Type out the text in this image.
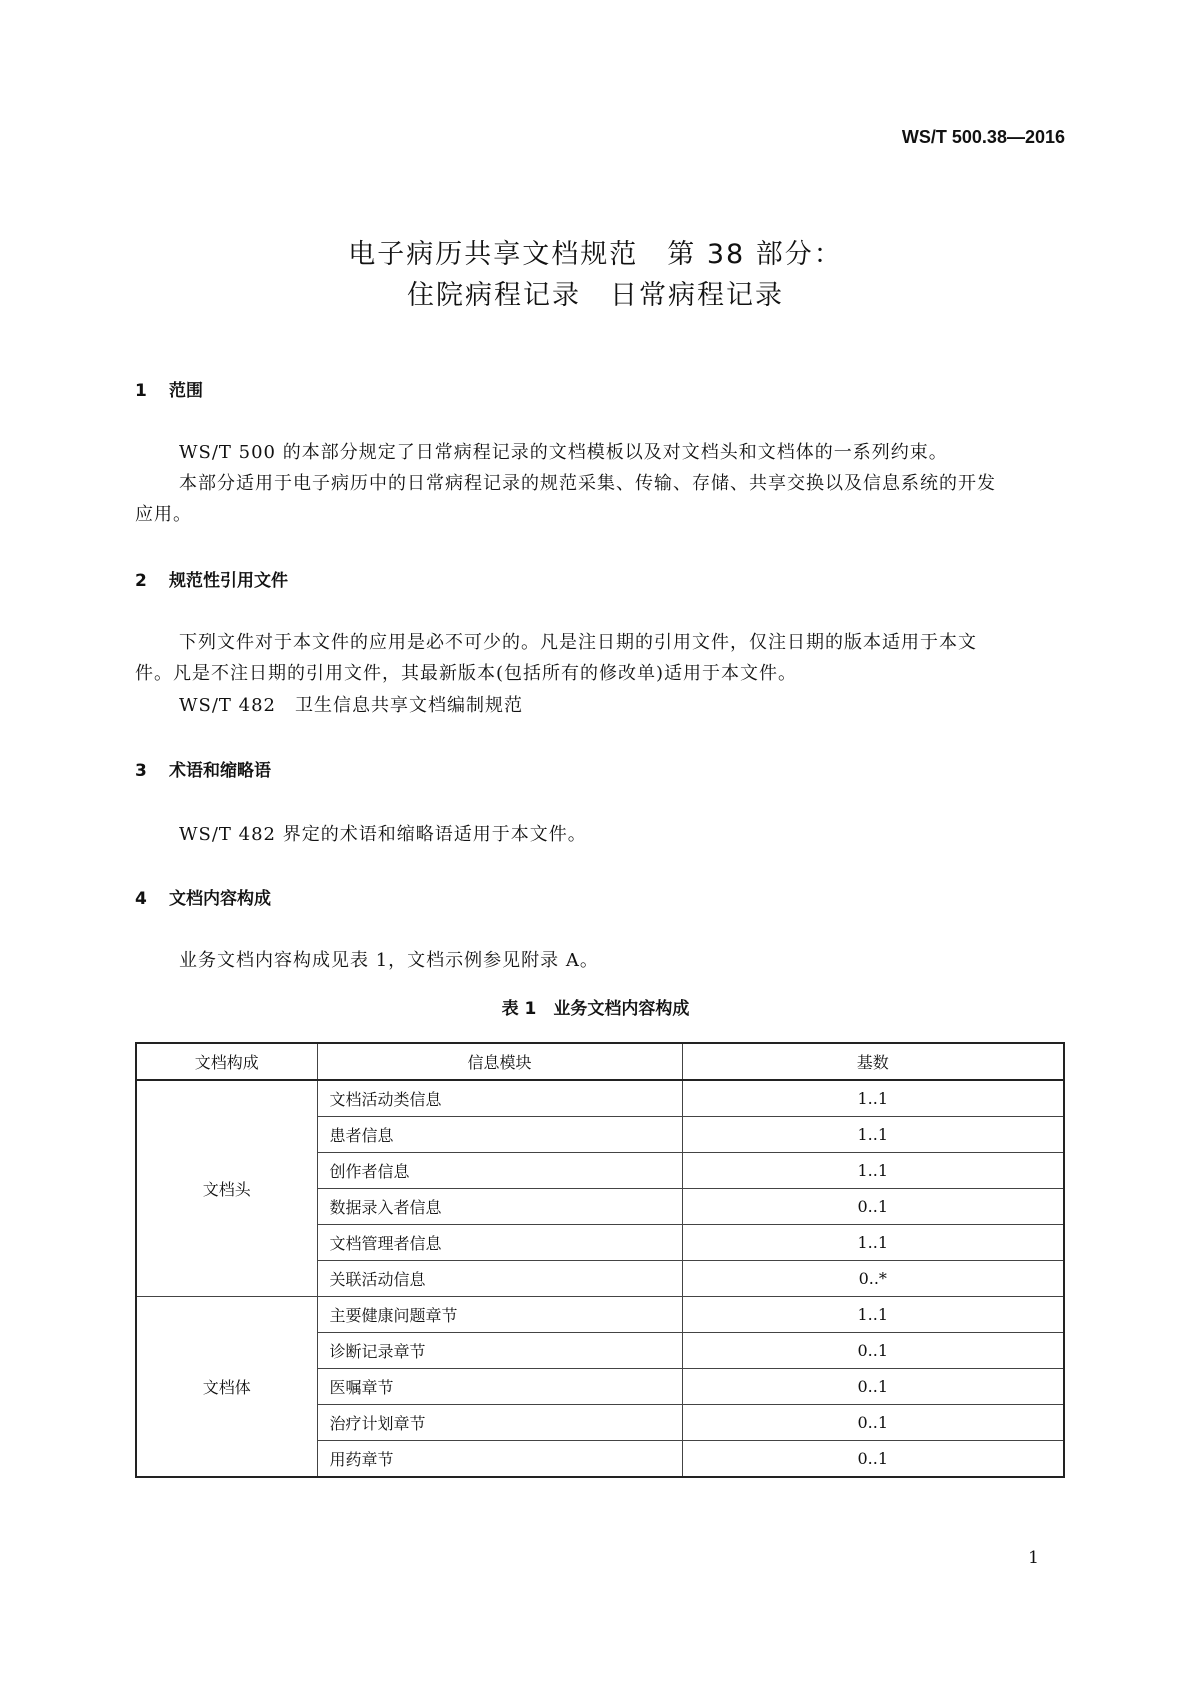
WS/T 500.38—2016
电子病历共享文档规范　第 38 部分：
住院病程记录　日常病程记录
1 范围
WS/T 500 的本部分规定了日常病程记录的文档模板以及对文档头和文档体的一系列约束。
本部分适用于电子病历中的日常病程记录的规范采集、传输、存储、共享交换以及信息系统的开发
应用。
2 规范性引用文件
下列文件对于本文件的应用是必不可少的。凡是注日期的引用文件，仅注日期的版本适用于本文
件。凡是不注日期的引用文件，其最新版本(包括所有的修改单)适用于本文件。
WS/T 482　卫生信息共享文档编制规范
3 术语和缩略语
WS/T 482 界定的术语和缩略语适用于本文件。
4 文档内容构成
业务文档内容构成见表 1，文档示例参见附录 A。
表 1　业务文档内容构成
文档构成	信息模块	基数
文档头	文档活动类信息	1..1
	患者信息	1..1
	创作者信息	1..1
	数据录入者信息	0..1
	文档管理者信息	1..1
	关联活动信息	0..*
文档体	主要健康问题章节	1..1
	诊断记录章节	0..1
	医嘱章节	0..1
	治疗计划章节	0..1
	用药章节	0..1
1
